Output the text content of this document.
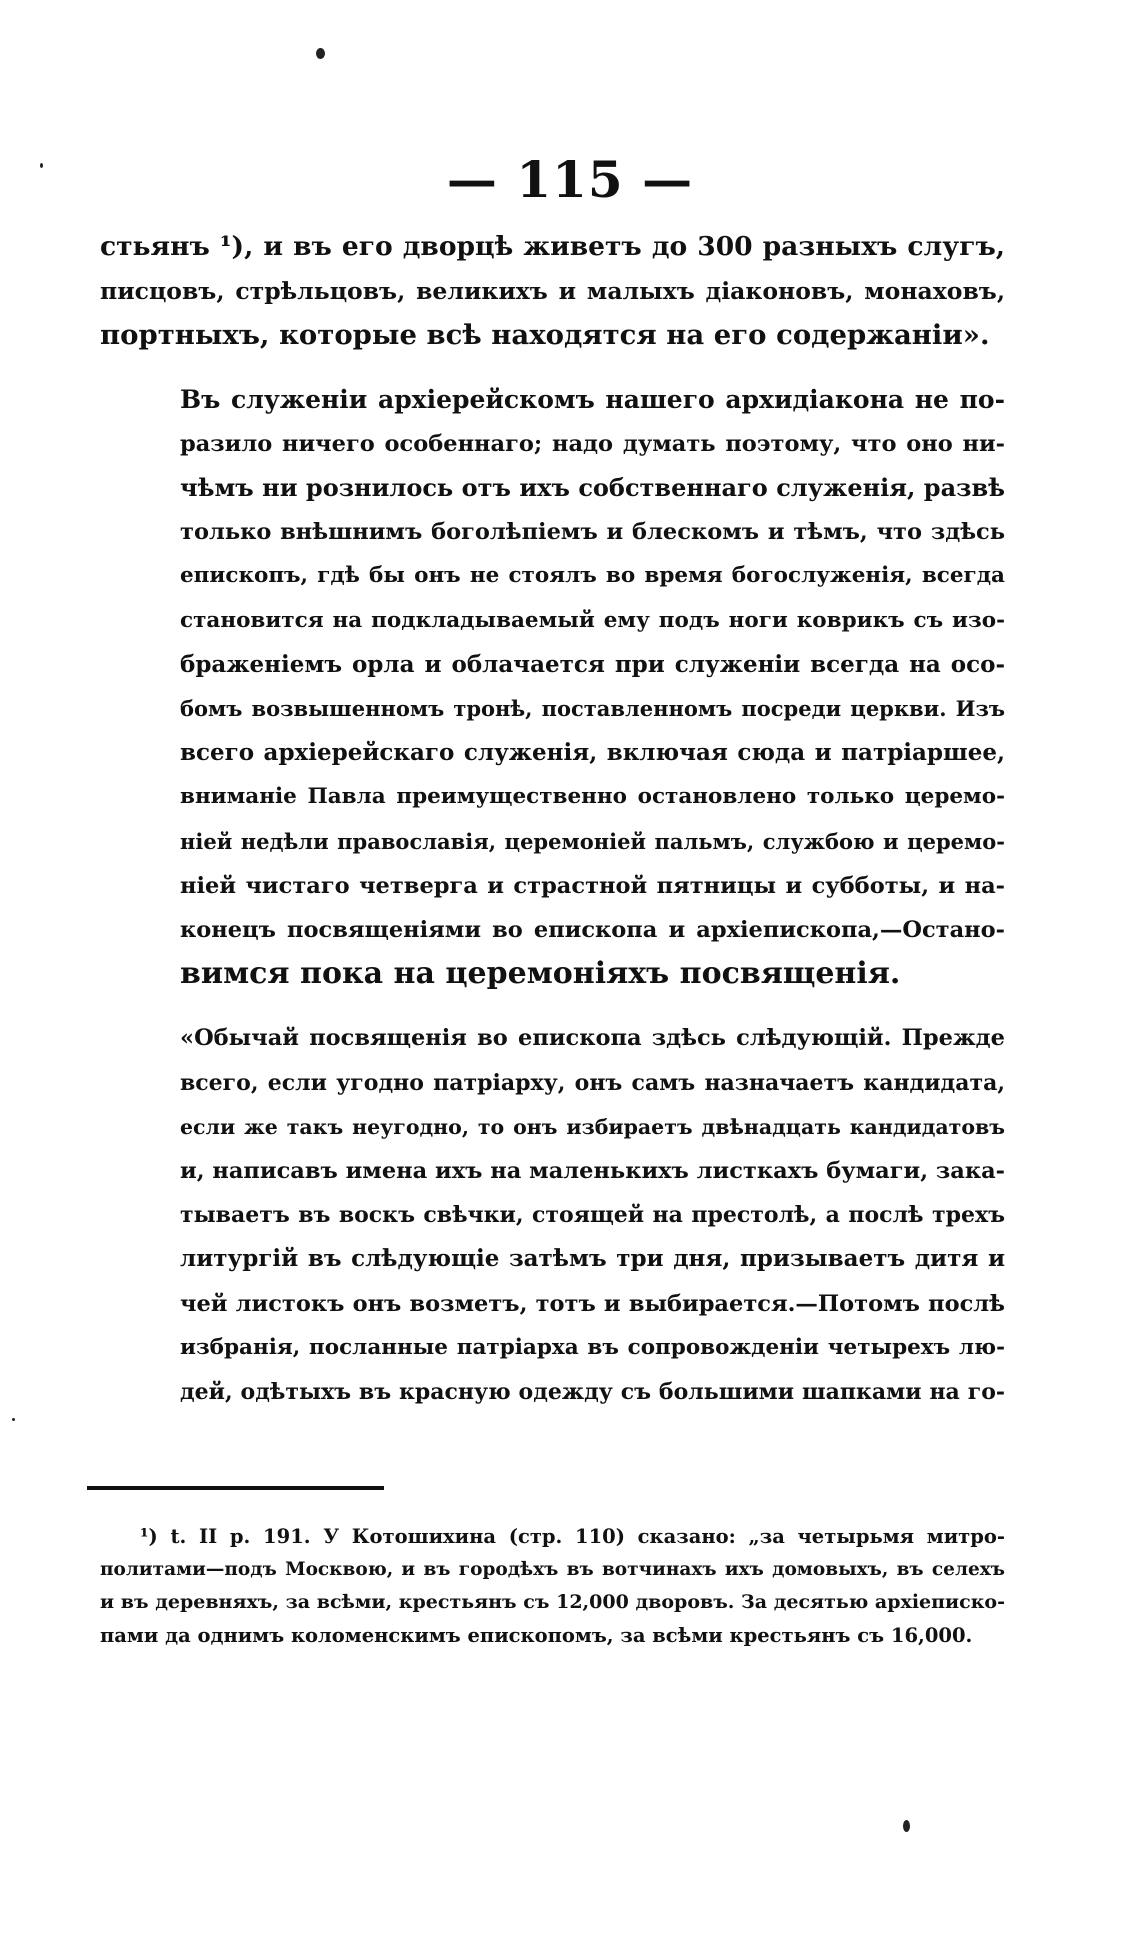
— 115 —

стьянъ ¹), и въ его дворцѣ живетъ до 300 разныхъ слугъ,
писцовъ, стрѣльцовъ, великихъ и малыхъ діаконовъ, монаховъ,
портныхъ, которые всѣ находятся на его содержаніи».

Въ служеніи архіерейскомъ нашего архидіакона не по-
разило ничего особеннаго; надо думать поэтому, что оно ни-
чѣмъ ни рознилось отъ ихъ собственнаго служенія, развѣ
только внѣшнимъ боголѣпіемъ и блескомъ и тѣмъ, что здѣсь
епископъ, гдѣ бы онъ не стоялъ во время богослуженія, всегда
становится на подкладываемый ему подъ ноги коврикъ съ изо-
браженіемъ орла и облачается при служеніи всегда на осо-
бомъ возвышенномъ тронѣ, поставленномъ посреди церкви. Изъ
всего архіерейскаго служенія, включая сюда и патріаршее,
вниманіе Павла преимущественно остановлено только церемо-
ніей недѣли православія, церемоніей пальмъ, службою и церемо-
ніей чистаго четверга и страстной пятницы и субботы, и на-
конецъ посвященіями во епископа и архіепископа,—Остано-
вимся пока на церемоніяхъ посвященія.

«Обычай посвященія во епископа здѣсь слѣдующій. Прежде
всего, если угодно патріарху, онъ самъ назначаетъ кандидата,
если же такъ неугодно, то онъ избираетъ двѣнадцать кандидатовъ
и, написавъ имена ихъ на маленькихъ листкахъ бумаги, зака-
тываетъ въ воскъ свѣчки, стоящей на престолѣ, а послѣ трехъ
литургій въ слѣдующіе затѣмъ три дня, призываетъ дитя и
чей листокъ онъ возметъ, тотъ и выбирается.—Потомъ послѣ
избранія, посланные патріарха въ сопровожденіи четырехъ лю-
дей, одѣтыхъ въ красную одежду съ большими шапками на го-

¹) t. II p. 191. У Котошихина (стр. 110) сказано: „за четырьмя митро-
политами—подъ Москвою, и въ городѣхъ въ вотчинахъ ихъ домовыхъ, въ селехъ
и въ деревняхъ, за всѣми, крестьянъ съ 12,000 дворовъ. За десятью архіеписко-
пами да однимъ коломенскимъ епископомъ, за всѣми крестьянъ съ 16,000.
